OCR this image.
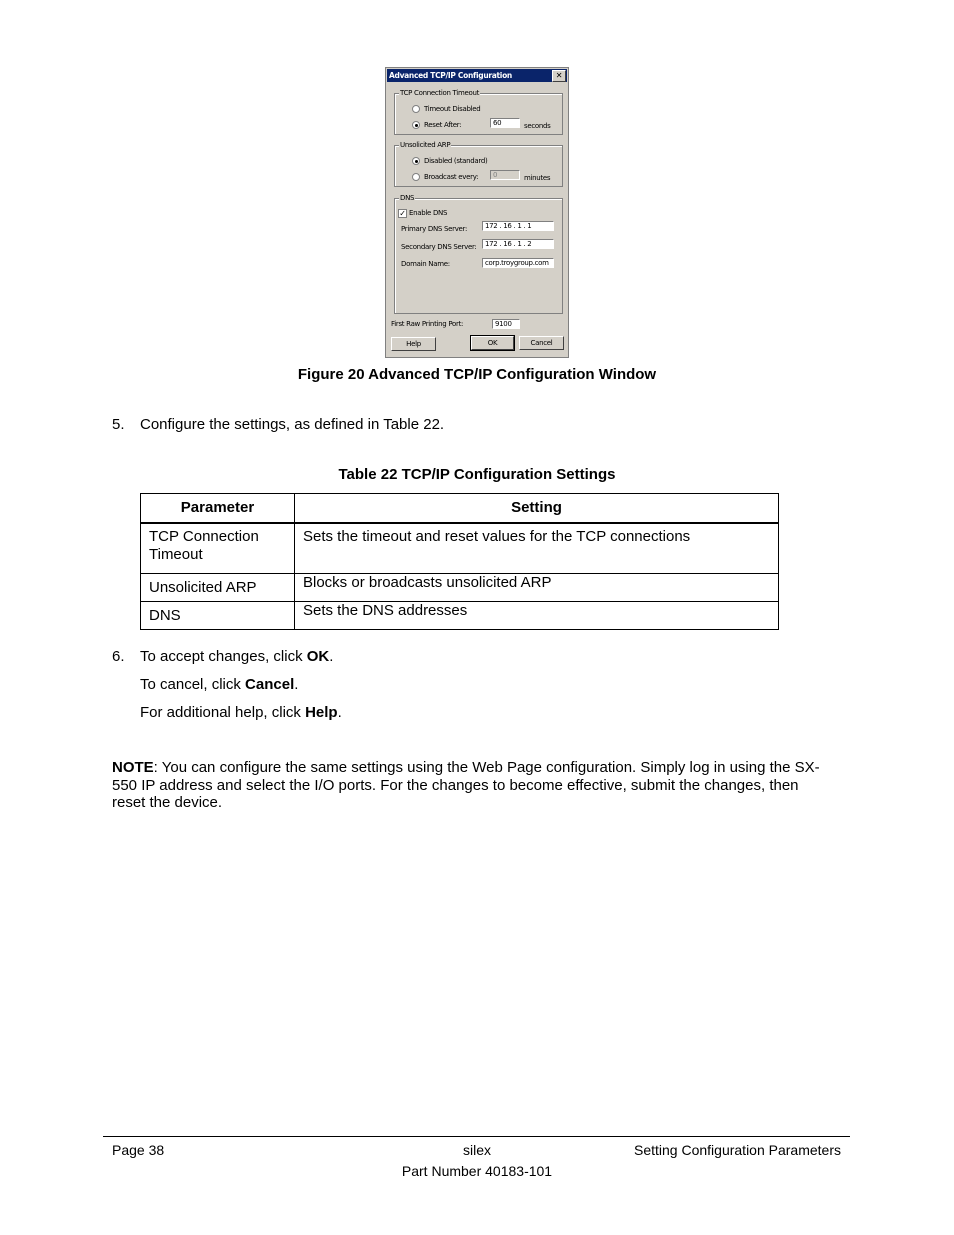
Advanced TCP/IP Configuration	✕
TCP Connection Timeout
Timeout Disabled
Reset After:	60	seconds
Unsolicited ARP
Disabled (standard)
Broadcast every:	0	minutes
DNS
✓ Enable DNS
Primary DNS Server:	172 . 16 . 1 . 1
Secondary DNS Server:	172 . 16 . 1 . 2
Domain Name:	corp.troygroup.com
First Raw Printing Port:	9100
Help	OK	Cancel
Figure 20 Advanced TCP/IP Configuration Window
5. Configure the settings, as defined in Table 22.
Table 22 TCP/IP Configuration Settings
Parameter	Setting
TCP Connection Timeout	Sets the timeout and reset values for the TCP connections
Unsolicited ARP	Blocks or broadcasts unsolicited ARP
DNS	Sets the DNS addresses
6. To accept changes, click OK.
To cancel, click Cancel.
For additional help, click Help.
NOTE: You can configure the same settings using the Web Page configuration. Simply log in using the SX-550 IP address and select the I/O ports. For the changes to become effective, submit the changes, then reset the device.
Page 38	silex	Setting Configuration Parameters
Part Number 40183-101
